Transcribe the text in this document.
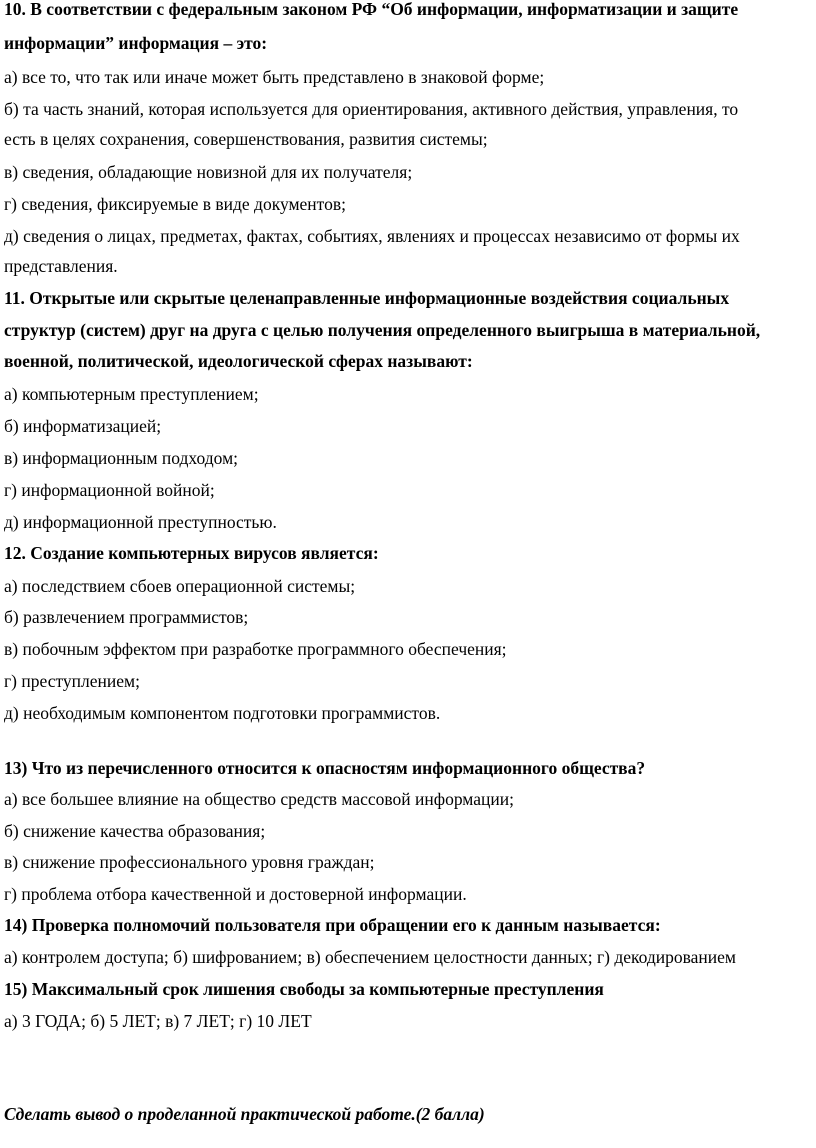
10. В соответствии с федеральным законом РФ “Об информации, информатизации и защите
информации” информация – это:
а) все то, что так или иначе может быть представлено в знаковой форме;
б) та часть знаний, которая используется для ориентирования, активного действия, управления, то
есть в целях сохранения, совершенствования, развития системы;
в) сведения, обладающие новизной для их получателя;
г) сведения, фиксируемые в виде документов;
д) сведения о лицах, предметах, фактах, событиях, явлениях и процессах независимо от формы их
представления.
11. Открытые или скрытые целенаправленные информационные воздействия социальных
структур (систем) друг на друга с целью получения определенного выигрыша в материальной,
военной, политической, идеологической сферах называют:
а) компьютерным преступлением;
б) информатизацией;
в) информационным подходом;
г) информационной войной;
д) информационной преступностью.
12. Создание компьютерных вирусов является:
а) последствием сбоев операционной системы;
б) развлечением программистов;
в) побочным эффектом при разработке программного обеспечения;
г) преступлением;
д) необходимым компонентом подготовки программистов.
13) Что из перечисленного относится к опасностям информационного общества?
а) все большее влияние на общество средств массовой информации;
б) снижение качества образования;
в) снижение профессионального уровня граждан;
г) проблема отбора качественной и достоверной информации.
14) Проверка полномочий пользователя при обращении его к данным называется:
а) контролем доступа; б) шифрованием; в) обеспечением целостности данных; г) декодированием
15) Максимальный срок лишения свободы за компьютерные преступления
а) 3 ГОДА; б) 5 ЛЕТ; в) 7 ЛЕТ; г) 10 ЛЕТ
Сделать вывод о проделанной практической работе.(2 балла)
